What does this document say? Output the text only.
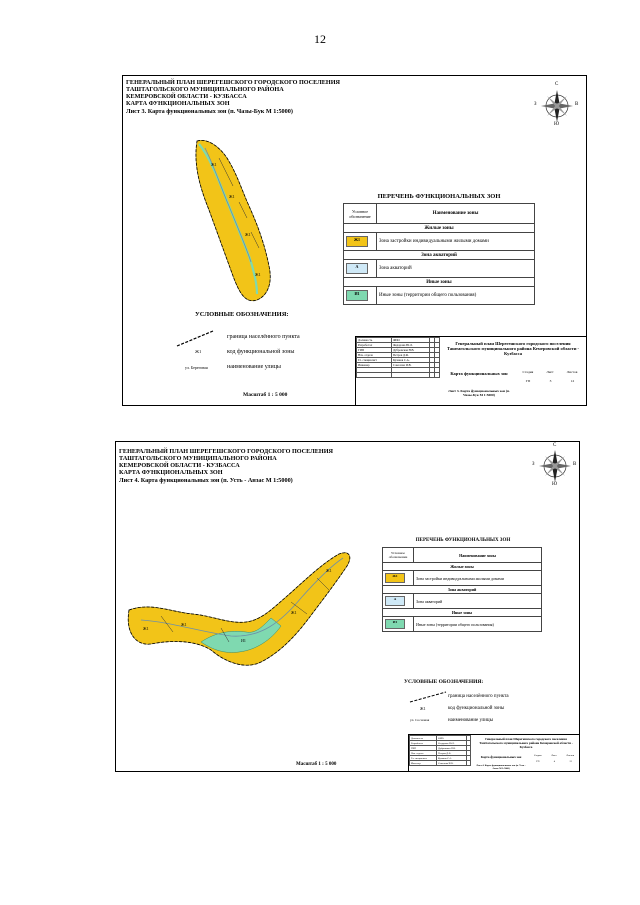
12
ГЕНЕРАЛЬНЫЙ ПЛАН ШЕРЕГЕШСКОГО ГОРОДСКОГО ПОСЕЛЕНИЯ
ТАШТАГОЛЬСКОГО МУНИЦИПАЛЬНОГО РАЙОНА
КЕМЕРОВСКОЙ ОБЛАСТИ - КУЗБАССА
КАРТА ФУНКЦИОНАЛЬНЫХ ЗОН
Лист 3. Карта функциональных зон (п. Чазы-Бук М 1:5000)
С
Ю
З	В
Ж1
Ж1
Ж1
Ж1
ПЕРЕЧЕНЬ ФУНКЦИОНАЛЬНЫХ ЗОН
Условное обозначение	Наименование зоны
Жилые зоны	
Ж1	Зона застройки индивидуальными жилыми домами
Зона акваторий	
А	Зона акваторий
Иные зоны	
И1	Иные зоны (территории общего пользования)
УСЛОВНЫЕ ОБОЗНАЧЕНИЯ:
граница населённого пункта
Ж1	код функциональной зоны
ул. Береговая	наименование улицы
Масштаб 1 : 5 000
Должность	ФИО		
Разработал	Федорова Ю.Л.		
ГИП	Дубровская Н.В.		
Нач. отдела	Петров Д.Ф.		
Гл. специалист	Кулаков С.А.		
Инженер	Соколова И.В.		

Генеральный план Шерегешского городского поселения Таштагольского муниципального района Кемеровской области - Кузбасса
Карта функциональных зон
Лист 3. Карта функциональных зон (п. Чазы-Бук М 1:5000)
Стадия	Лист	Листов
ГП	3	12
ГЕНЕРАЛЬНЫЙ ПЛАН ШЕРЕГЕШСКОГО ГОРОДСКОГО ПОСЕЛЕНИЯ
ТАШТАГОЛЬСКОГО МУНИЦИПАЛЬНОГО РАЙОНА
КЕМЕРОВСКОЙ ОБЛАСТИ - КУЗБАССА
КАРТА ФУНКЦИОНАЛЬНЫХ ЗОН
Лист 4. Карта функциональных зон (п. Усть - Анзас М 1:5000)
С
Ю
З	В
Ж1
Ж1
И1
Ж1
Ж1
ПЕРЕЧЕНЬ ФУНКЦИОНАЛЬНЫХ ЗОН
Условное обозначение	Наименование зоны
Жилые зоны	
Ж1	Зона застройки индивидуальными жилыми домами
Зона акваторий	
А	Зона акваторий
Иные зоны	
И1	Иные зоны (территории общего пользования)
УСЛОВНЫЕ ОБОЗНАЧЕНИЯ:
граница населённого пункта
Ж1	код функциональной зоны
ул. Сосновая	наименование улицы
Масштаб 1 : 5 000
Должность	ФИО	
Разработал	Федорова Ю.Л.	
ГИП	Дубровская Н.В.	
Нач. отдела	Петров Д.Ф.	
Гл. специалист	Кулаков С.А.	
Инженер	Соколова И.В.	
Генеральный план Шерегешского городского поселения Таштагольского муниципального района Кемеровской области - Кузбасса
Карта функциональных зон
Лист 4. Карта функциональных зон (п. Усть - Анзас М 1:5000)
Стадия	Лист	Листов
ГП	4	12
